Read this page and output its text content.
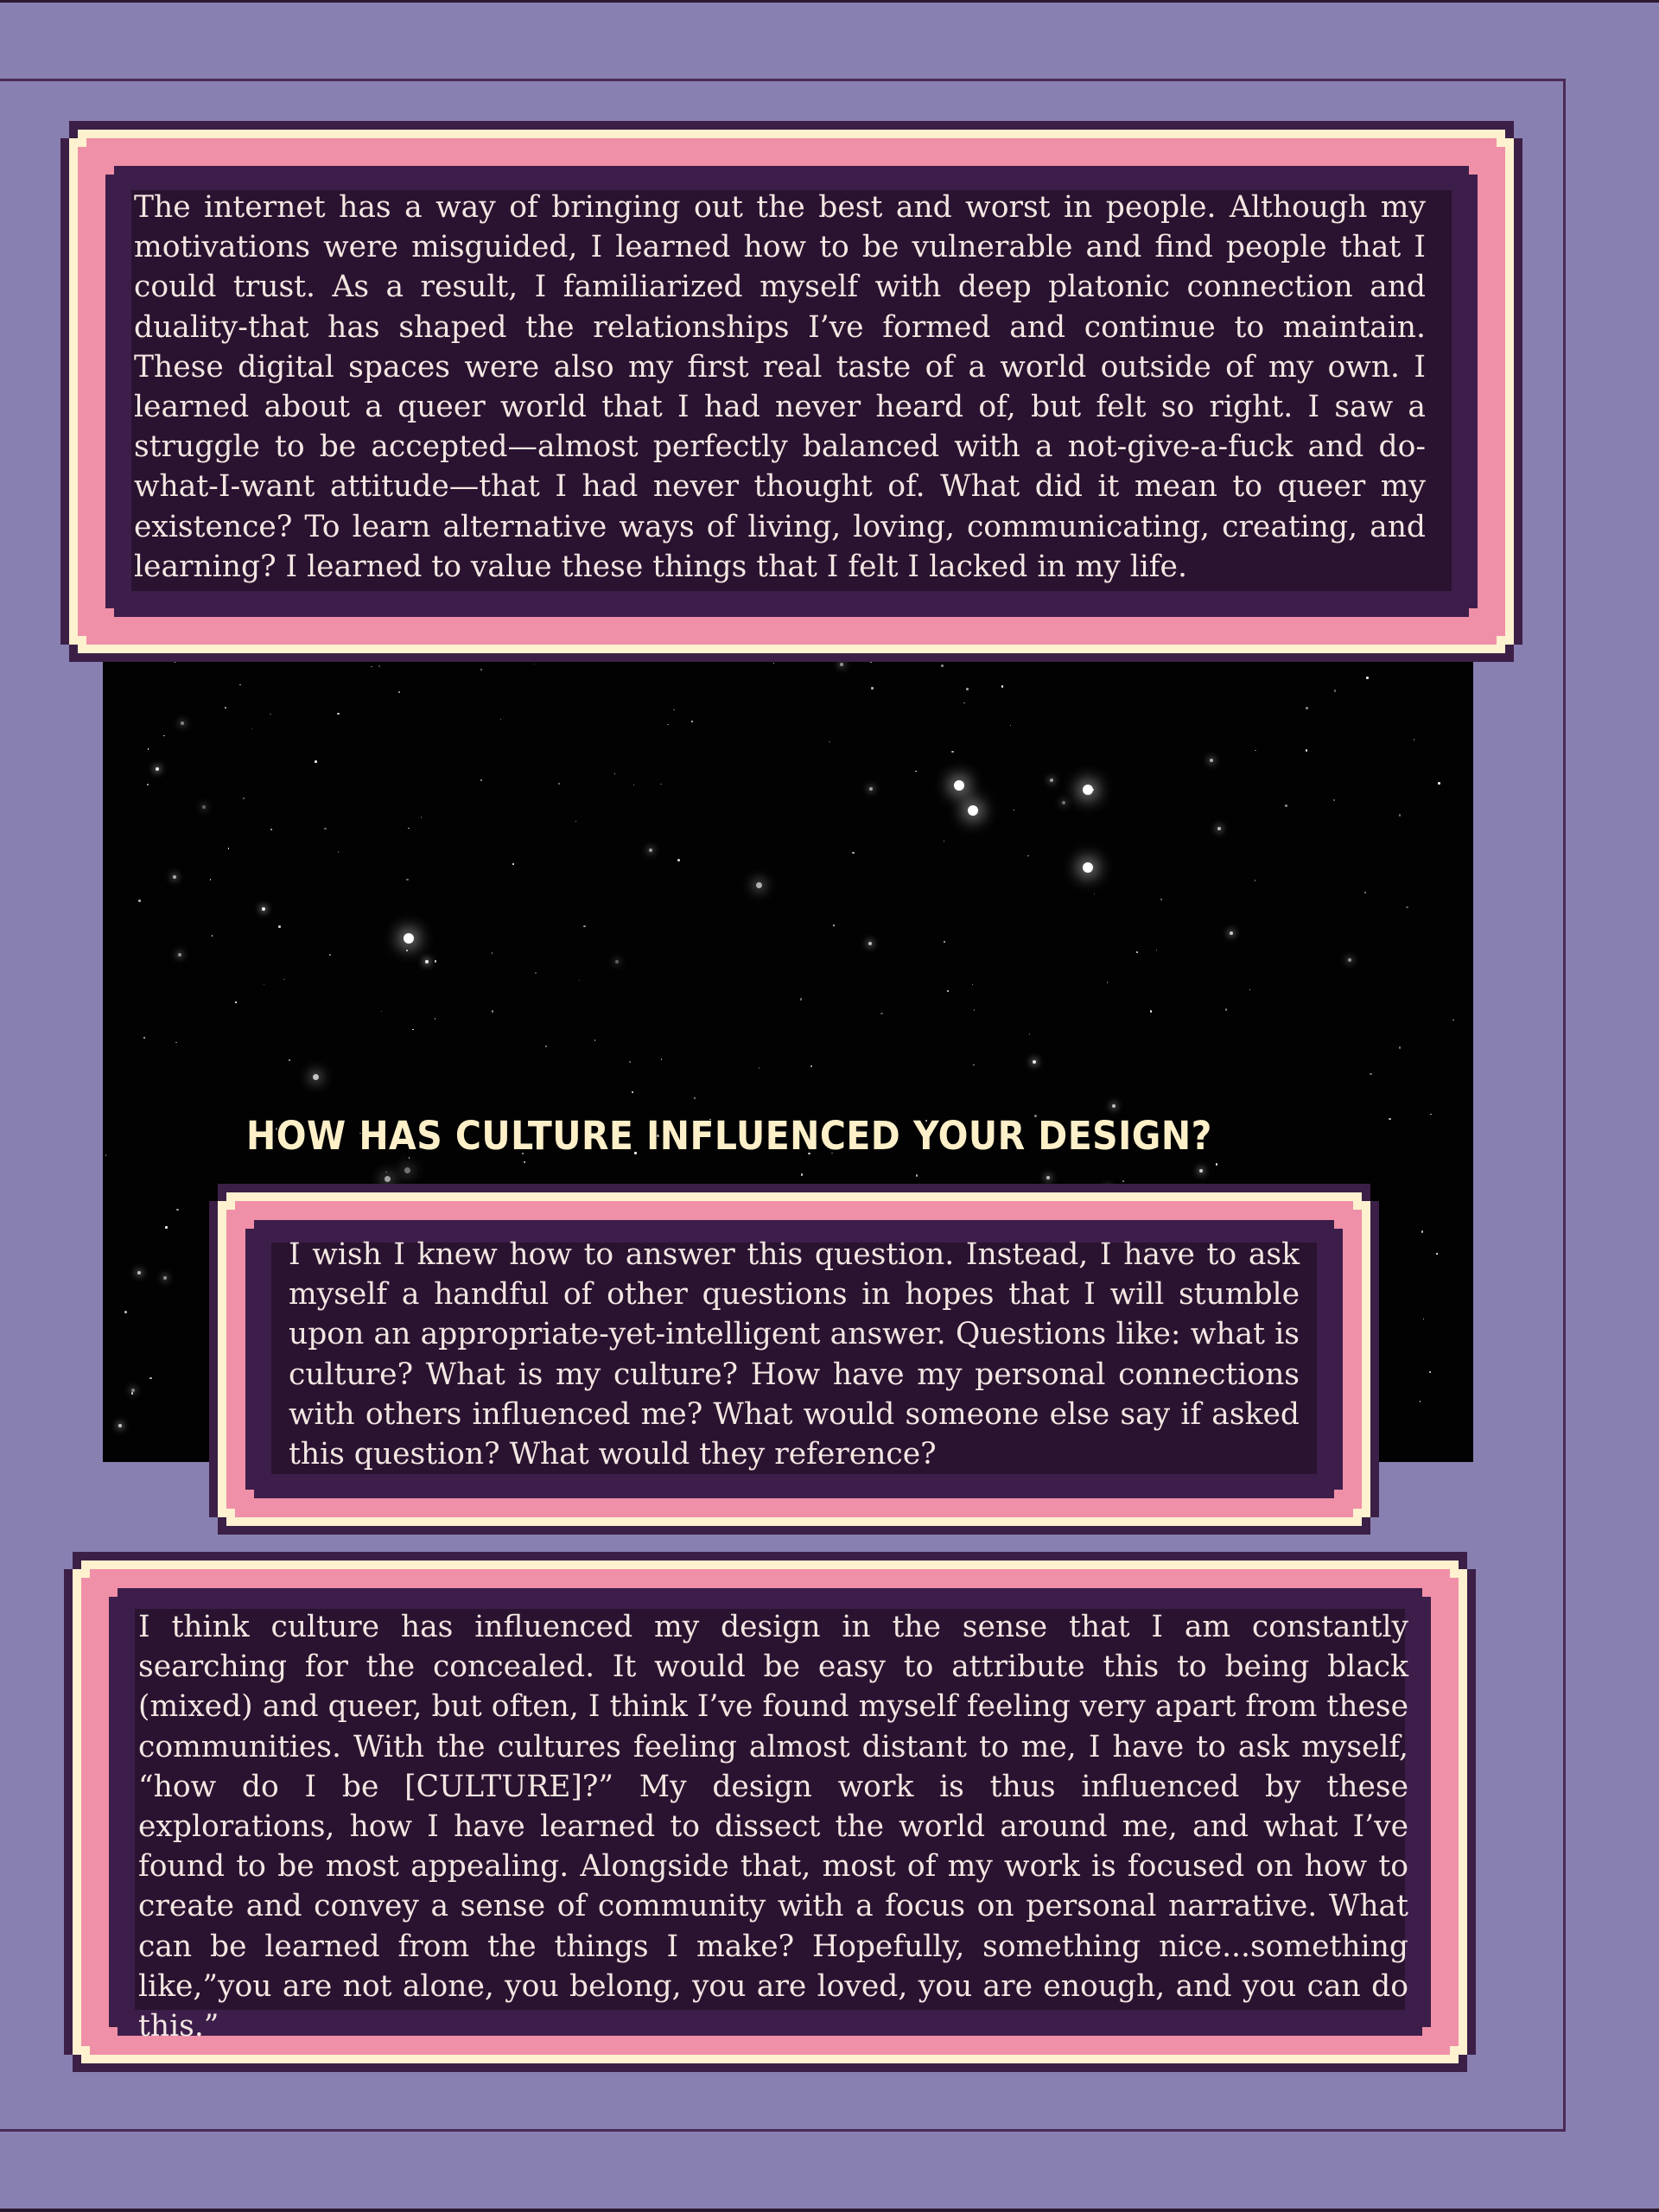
The internet has a way of bringing out the best and worst in people. Although my motivations were misguided, I learned how to be vulnerable and find people that I could trust. As a result, I familiarized myself with deep platonic connection and duality-that has shaped the relationships I’ve formed and continue to maintain. These digital spaces were also my first real taste of a world outside of my own. I learned about a queer world that I had never heard of, but felt so right. I saw a struggle to be accepted—almost perfectly balanced with a not-give-a-fuck and do-what-I-want attitude—that I had never thought of. What did it mean to queer my existence? To learn alternative ways of living, loving, communicating, creating, and learning? I learned to value these things that I felt I lacked in my life.
HOW HAS CULTURE INFLUENCED YOUR DESIGN?
I wish I knew how to answer this question. Instead, I have to ask myself a handful of other questions in hopes that I will stumble upon an appropriate-yet-intelligent answer. Questions like: what is culture? What is my culture? How have my personal connections with others influenced me? What would someone else say if asked this question? What would they reference?
I think culture has influenced my design in the sense that I am constantly searching for the concealed. It would be easy to attribute this to being black (mixed) and queer, but often, I think I’ve found myself feeling very apart from these communities. With the cultures feeling almost distant to me, I have to ask myself, “how do I be [CULTURE]?” My design work is thus influenced by these explorations, how I have learned to dissect the world around me, and what I’ve found to be most appealing. Alongside that, most of my work is focused on how to create and convey a sense of community with a focus on personal narrative. What can be learned from the things I make? Hopefully, something nice...something like,”you are not alone, you belong, you are loved, you are enough, and you can do this.”
